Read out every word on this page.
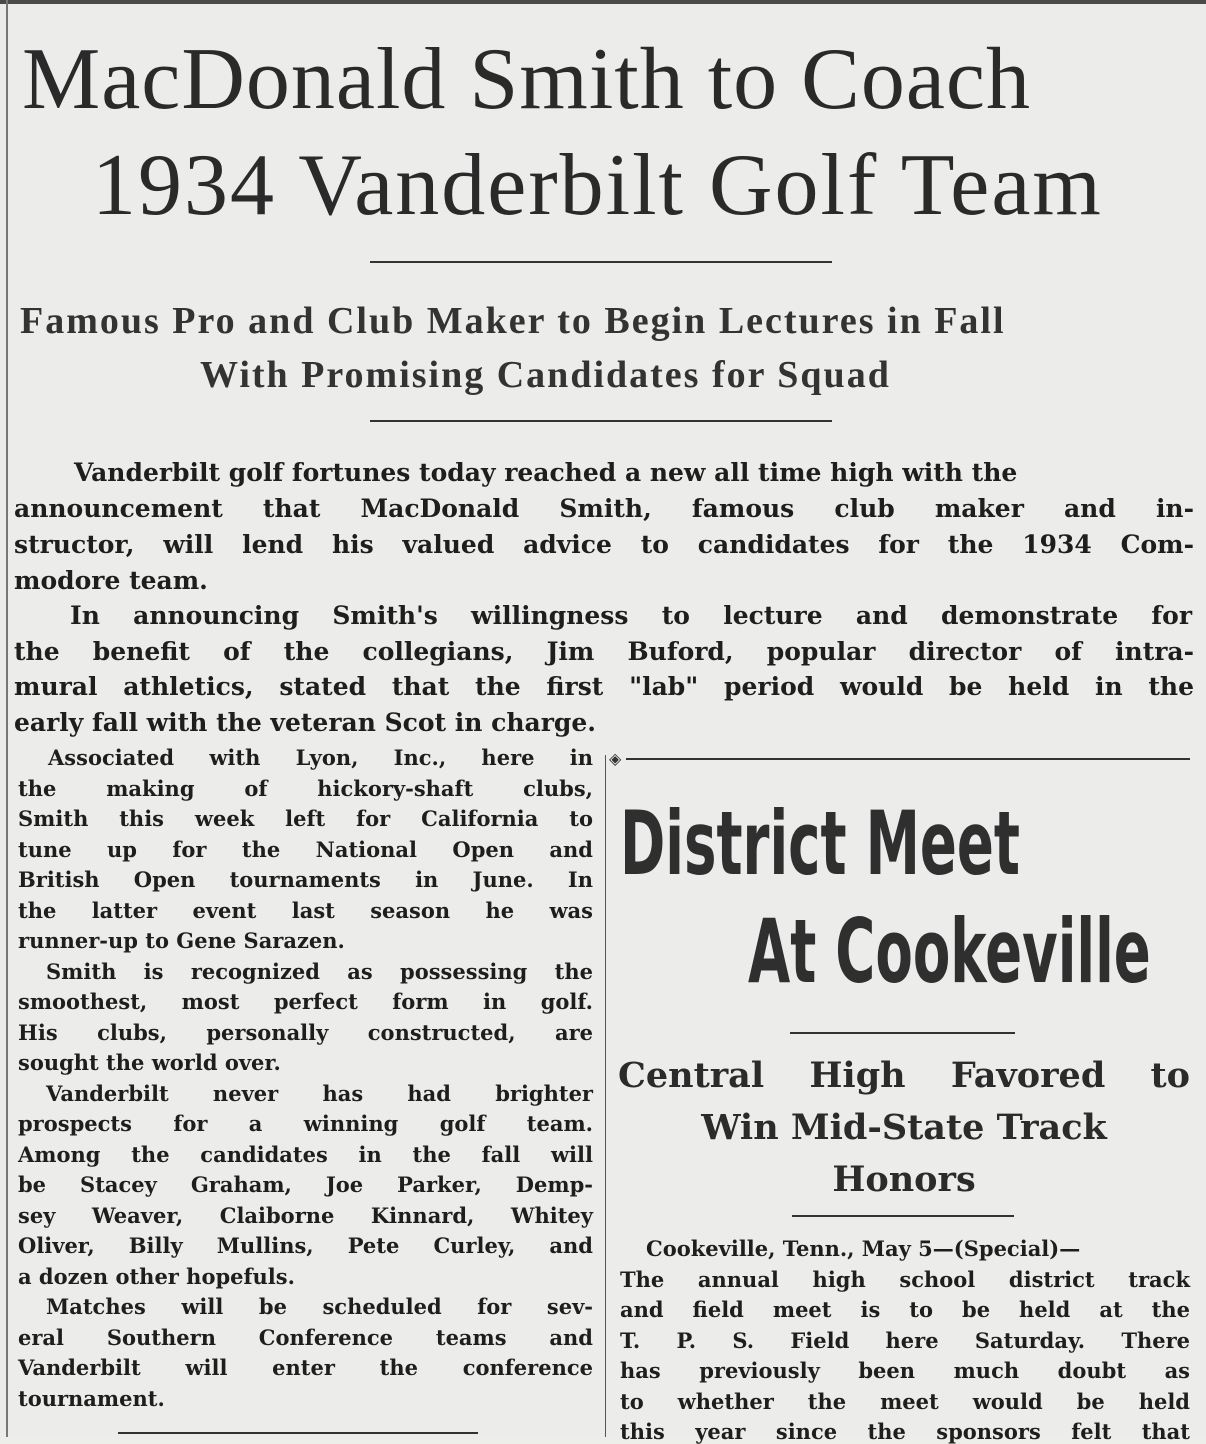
MacDonald Smith to Coach
1934 Vanderbilt Golf Team
Famous Pro and Club Maker to Begin Lectures in Fall
With Promising Candidates for Squad

Vanderbilt golf fortunes today reached a new all time high with the

announcement that MacDonald Smith, famous club maker and in-

structor, will lend his valued advice to candidates for the 1934 Com-

modore team.

In announcing Smith's willingness to lecture and demonstrate for

the benefit of the collegians, Jim Buford, popular director of intra-

mural athletics, stated that the first "lab" period would be held in the

early fall with the veteran Scot in charge.

◈

Associated with Lyon, Inc., here in

the making of hickory-shaft clubs,

Smith this week left for California to

tune up for the National Open and

British Open tournaments in June. In

the latter event last season he was

runner-up to Gene Sarazen.

Smith is recognized as possessing the

smoothest, most perfect form in golf.

His clubs, personally constructed, are

sought the world over.

Vanderbilt never has had brighter

prospects for a winning golf team.

Among the candidates in the fall will

be Stacey Graham, Joe Parker, Demp-

sey Weaver, Claiborne Kinnard, Whitey

Oliver, Billy Mullins, Pete Curley, and

a dozen other hopefuls.

Matches will be scheduled for sev-

eral Southern Conference teams and

Vanderbilt will enter the conference

tournament.

District Meet
At Cookeville
Central High Favored to
Win Mid-State Track
Honors

Cookeville, Tenn., May 5—(Special)—

The annual high school district track

and field meet is to be held at the

T. P. S. Field here Saturday. There

has previously been much doubt as

to whether the meet would be held

this year since the sponsors felt that
